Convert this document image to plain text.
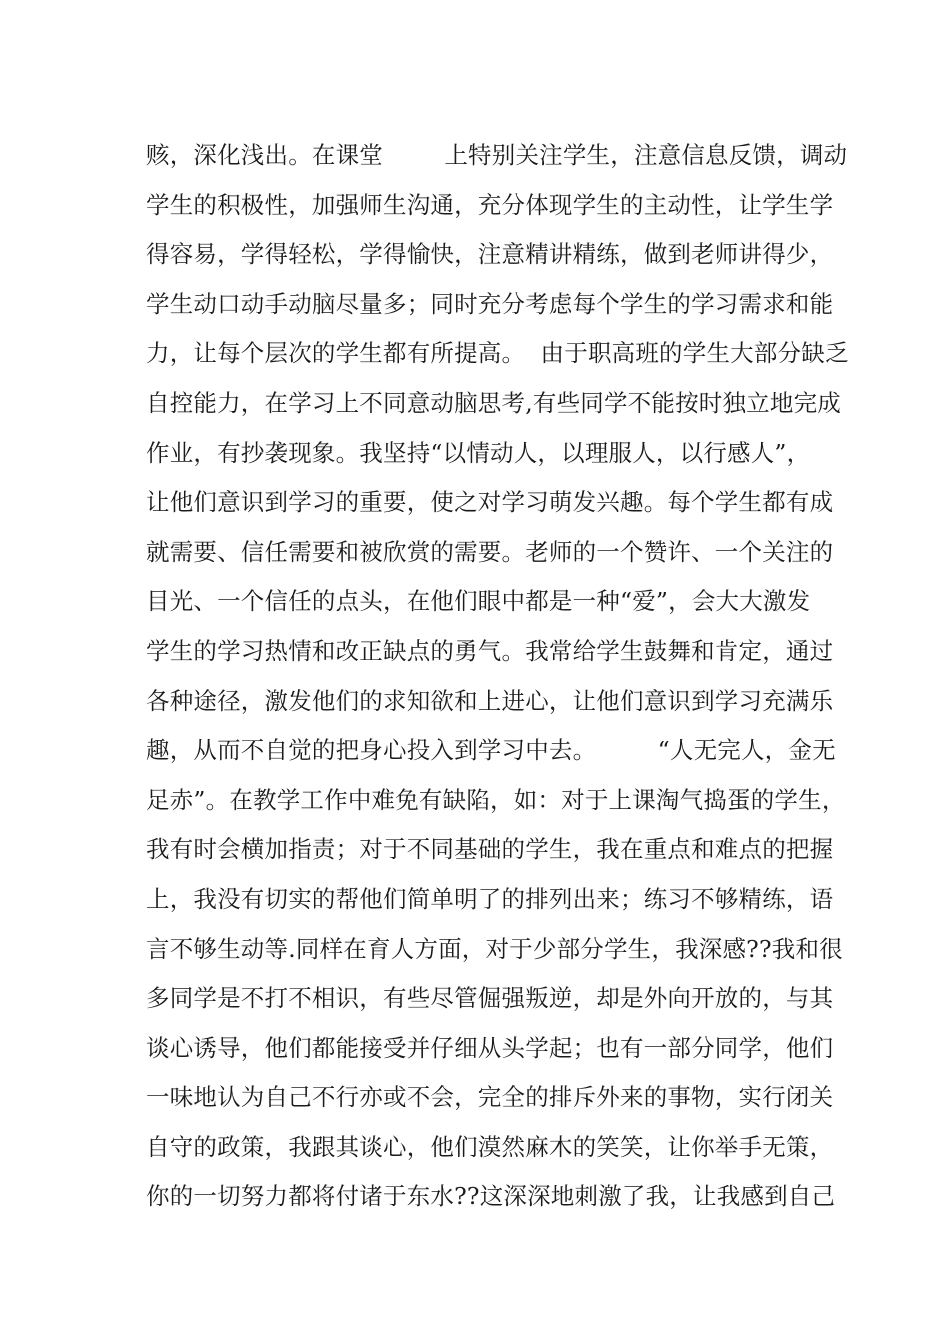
赅，深化浅出。在课堂        上特别关注学生，注意信息反馈，调动
学生的积极性，加强师生沟通，充分体现学生的主动性，让学生学
得容易，学得轻松，学得愉快，注意精讲精练，做到老师讲得少，
学生动口动手动脑尽量多；同时充分考虑每个学生的学习需求和能
力，让每个层次的学生都有所提高。  由于职高班的学生大部分缺乏
自控能力，在学习上不同意动脑思考,有些同学不能按时独立地完成
作业，有抄袭现象。我坚持“以情动人，以理服人，以行感人”，
让他们意识到学习的重要，使之对学习萌发兴趣。每个学生都有成
就需要、信任需要和被欣赏的需要。老师的一个赞许、一个关注的
目光、一个信任的点头，在他们眼中都是一种“爱”，会大大激发
学生的学习热情和改正缺点的勇气。我常给学生鼓舞和肯定，通过
各种途径，激发他们的求知欲和上进心，让他们意识到学习充满乐
趣，从而不自觉的把身心投入到学习中去。        “人无完人，金无
足赤”。在教学工作中难免有缺陷，如：对于上课淘气捣蛋的学生，
我有时会横加指责；对于不同基础的学生，我在重点和难点的把握
上，我没有切实的帮他们简单明了的排列出来；练习不够精练，语
言不够生动等.同样在育人方面，对于少部分学生，我深感??我和很
多同学是不打不相识，有些尽管倔强叛逆，却是外向开放的，与其
谈心诱导，他们都能接受并仔细从头学起；也有一部分同学，他们
一味地认为自己不行亦或不会，完全的排斥外来的事物，实行闭关
自守的政策，我跟其谈心，他们漠然麻木的笑笑，让你举手无策，
你的一切努力都将付诸于东水??这深深地刺激了我，让我感到自己
